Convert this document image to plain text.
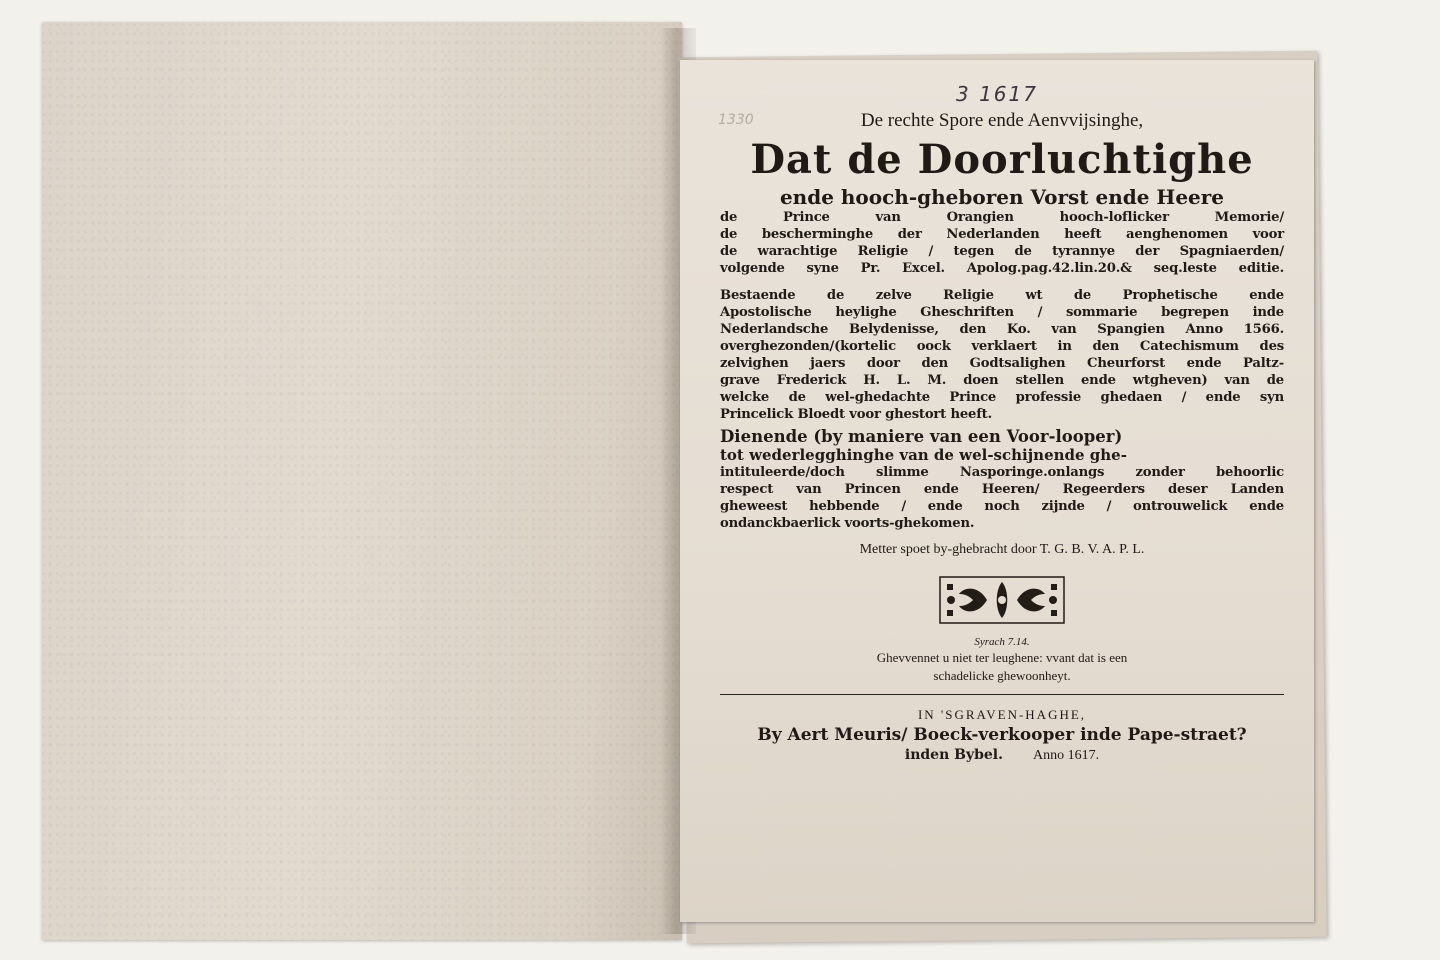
3 1617
1330	De rechte Spore ende Aenvvijsinghe,
Dat de Doorluchtighe
ende hooch-gheboren Vorst ende Heere
de Prince van Orangien hooch-loflicker Memorie/
de bescherminghe der Nederlanden heeft aenghenomen voor
de warachtige Religie / tegen de tyrannye der Spagniaerden/
volgende syne Pr. Excel. Apolog.pag.42.lin.20.& seq.leste editie.
Bestaende de zelve Religie wt de Prophetische ende
Apostolische heylighe Gheschriften / sommarie begrepen inde
Nederlandsche Belydenisse, den Ko. van Spangien Anno 1566.
overghezonden/(kortelic oock verklaert in den Catechismum des
zelvighen jaers door den Godtsalighen Cheurforst ende Paltz-
grave Frederick H. L. M. doen stellen ende wtgheven) van de
welcke de wel-ghedachte Prince professie ghedaen / ende syn
Princelick Bloedt voor ghestort heeft.
Dienende (by maniere van een Voor-looper)
tot wederlegghinghe van de wel-schijnende ghe-
intituleerde/doch slimme Nasporinge.onlangs zonder behoorlic
respect van Princen ende Heeren/ Regeerders deser Landen
gheweest hebbende / ende noch zijnde / ontrouwelick ende
ondanckbaerlick voorts-ghekomen.
Metter spoet by-ghebracht door T. G. B. V. A. P. L.
Syrach 7.14.
Ghevvennet u niet ter leughene: vvant dat is een
schadelicke ghewoonheyt.
IN 'SGRAVEN-HAGHE,
By Aert Meuris/ Boeck-verkooper inde Pape-straet?
inden Bybel. Anno 1617.
